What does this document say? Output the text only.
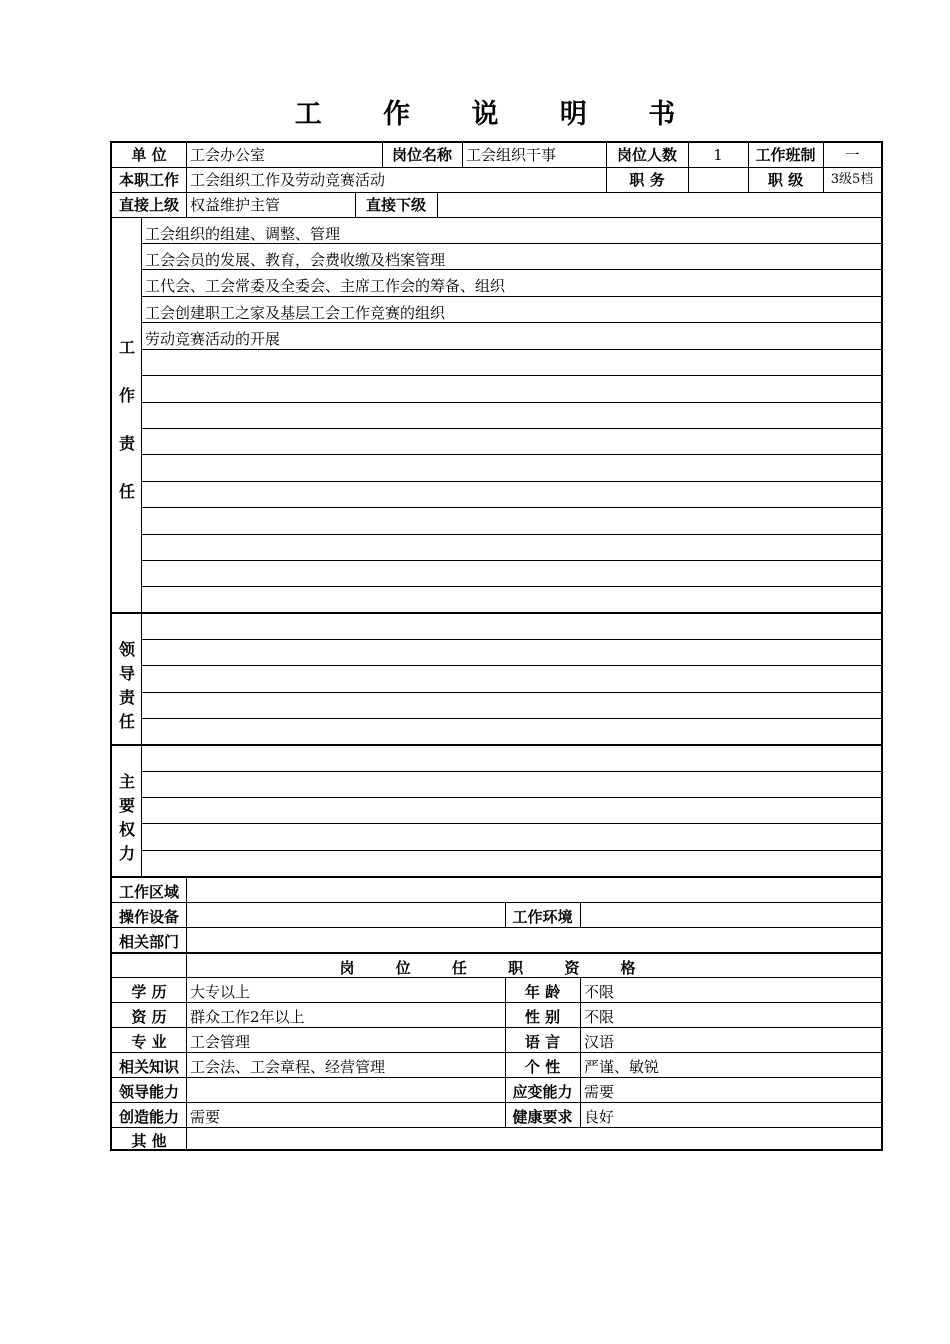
工 作 说 明 书
单 位	工会办公室	岗位名称 工会组织干事	岗位人数	1	工作班制	一
本职工作 工会组织工作及劳动竞赛活动	职 务	职 级	3级5档
直接上级 权益维护主管	直接下级
工
作
责
任
工会组织的组建、调整、管理
工会会员的发展、教育，会费收缴及档案管理
工代会、工会常委及全委会、主席工作会的筹备、组织
工会创建职工之家及基层工会工作竞赛的组织
劳动竞赛活动的开展
领
导
责
任
主
要
权
力
工作区域
操作设备	工作环境
相关部门
岗 位 任 职 资 格
学 历	大专以上	年 龄	不限
资 历	群众工作2年以上	性 别	不限
专 业	工会管理	语 言	汉语
相关知识 工会法、工会章程、经营管理	个 性	严谨、敏锐
领导能力	应变能力 需要
创造能力 需要	健康要求 良好
其 他
